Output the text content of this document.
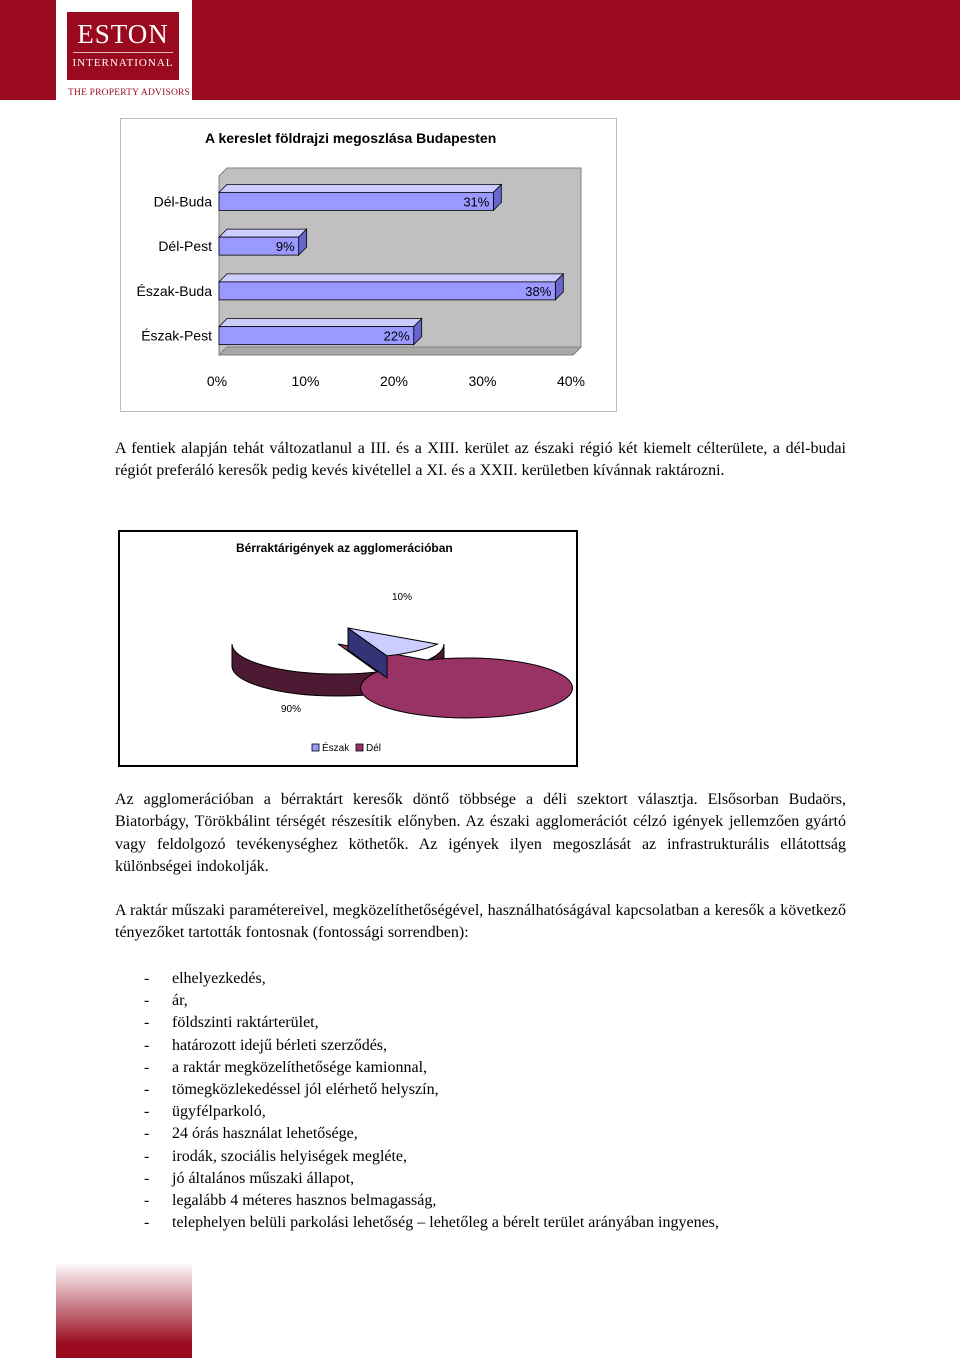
ESTON
INTERNATIONAL
THE PROPERTY ADVISORS
A kereslet földrajzi megoszlása Budapesten
31%
Dél-Buda
9%
Dél-Pest
38%
Észak-Buda
22%
Észak-Pest
0%	10%	20%	30%	40%

A fentiek alapján tehát változatlanul a III. és a XIII. kerület az északi régió két kiemelt célterülete, a dél-budai régiót preferáló keresők pedig kevés kivétellel a XI. és a XXII. kerületben kívánnak raktározni.

Bérraktárigények az agglomerációban
10%
90%
Észak Dél

Az agglomerációban a bérraktárt keresők döntő többsége a déli szektort választja. Elsősorban Budaörs, Biatorbágy, Törökbálint térségét részesítik előnyben. Az északi agglomerációt célzó igények jellemzően gyártó vagy feldolgozó tevékenységhez köthetők. Az igények ilyen megoszlását az infrastrukturális ellátottság különbségei indokolják.

A raktár műszaki paramétereivel, megközelíthetőségével, használhatóságával kapcsolatban a keresők a következő tényezőket tartották fontosnak (fontossági sorrendben):

- elhelyezkedés,
- ár,
- földszinti raktárterület,
- határozott idejű bérleti szerződés,
- a raktár megközelíthetősége kamionnal,
- tömegközlekedéssel jól elérhető helyszín,
- ügyfélparkoló,
- 24 órás használat lehetősége,
- irodák, szociális helyiségek megléte,
- jó általános műszaki állapot,
- legalább 4 méteres hasznos belmagasság,
- telephelyen belüli parkolási lehetőség – lehetőleg a bérelt terület arányában ingyenes,
